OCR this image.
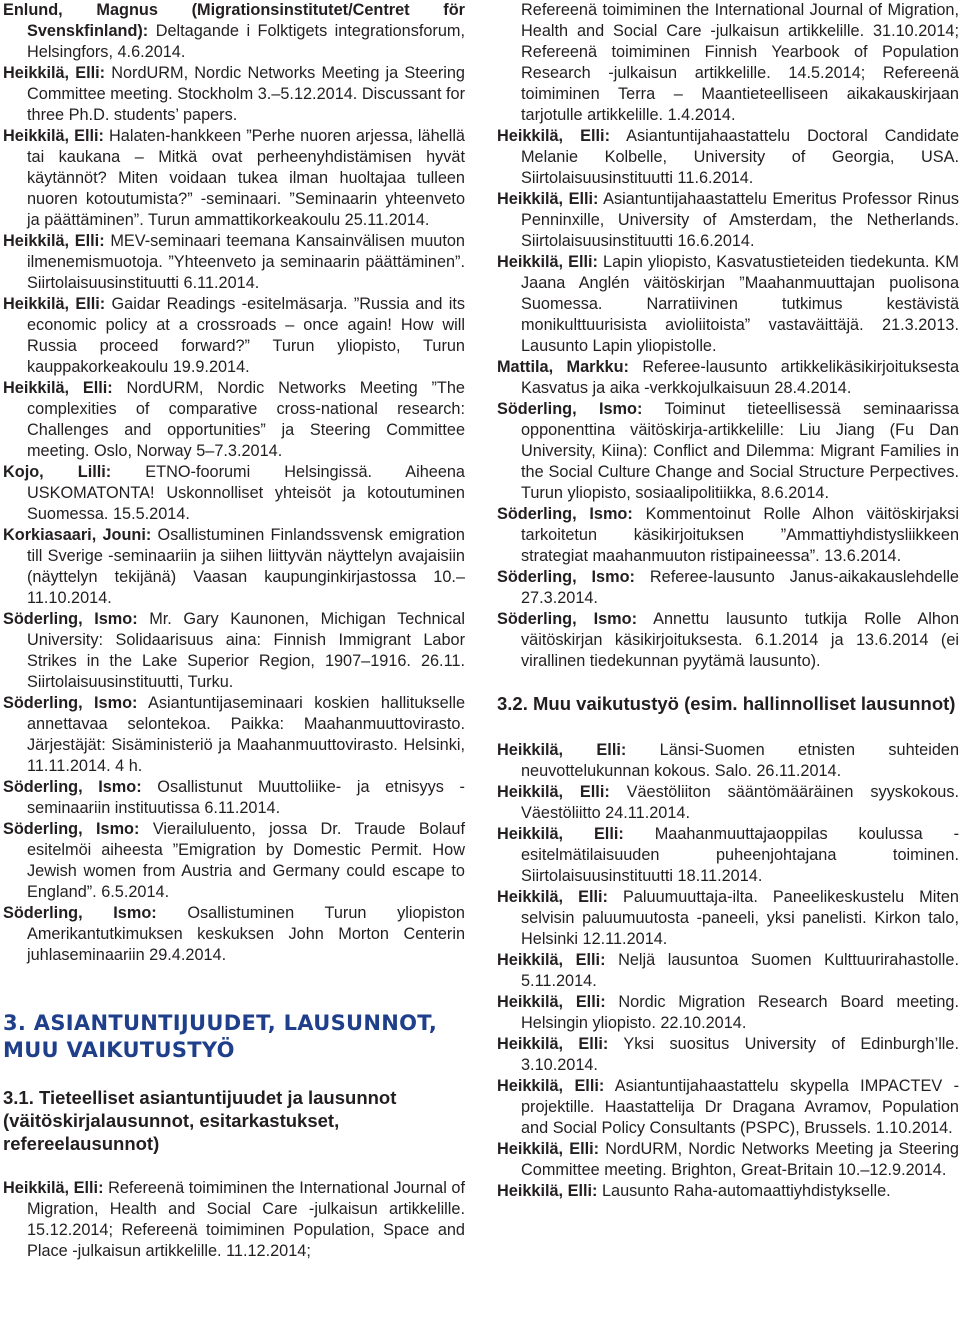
Enlund, Magnus (Migrationsinstitutet/Centret för Svenskfinland): Deltagande i Folktigets integrationsforum, Helsingfors, 4.6.2014.

Heikkilä, Elli: NordURM, Nordic Networks Meeting ja Steering Committee meeting. Stockholm 3.–5.12.2014. Discussant for three Ph.D. students’ papers.

Heikkilä, Elli: Halaten-hankkeen ”Perhe nuoren arjessa, lähellä tai kaukana – Mitkä ovat perheenyhdistämisen hyvät käytännöt? Miten voidaan tukea ilman huoltajaa tulleen nuoren kotoutumista?” -seminaari. ”Seminaarin yhteenveto ja päättäminen”. Turun ammattikorkeakoulu 25.11.2014.

Heikkilä, Elli: MEV-seminaari teemana Kansainvälisen muuton ilmenemismuotoja. ”Yhteenveto ja seminaarin päättäminen”. Siirtolaisuusinstituutti 6.11.2014.

Heikkilä, Elli: Gaidar Readings -esitelmäsarja. ”Russia and its economic policy at a crossroads – once again! How will Russia proceed forward?” Turun yliopisto, Turun kauppakorkeakoulu 19.9.2014.

Heikkilä, Elli: NordURM, Nordic Networks Meeting ”The complexities of comparative cross-national research: Challenges and opportunities” ja Steering Committee meeting. Oslo, Norway 5–7.3.2014.

Kojo, Lilli: ETNO-foorumi Helsingissä. Aiheena USKOMATONTA! Uskonnolliset yhteisöt ja kotoutuminen Suomessa. 15.5.2014.

Korkiasaari, Jouni: Osallistuminen Finlandssvensk emigration till Sverige -seminaariin ja siihen liittyvän näyttelyn avajaisiin (näyttelyn tekijänä) Vaasan kaupunginkirjastossa 10.–11.10.2014.

Söderling, Ismo: Mr. Gary Kaunonen, Michigan Technical University: Solidaarisuus aina: Finnish Immigrant Labor Strikes in the Lake Superior Region, 1907–1916. 26.11. Siirtolaisuusinstituutti, Turku.

Söderling, Ismo: Asiantuntijaseminaari koskien hallitukselle annettavaa selontekoa. Paikka: Maahanmuuttovirasto. Järjestäjät: Sisäministeriö ja Maahanmuuttovirasto. Helsinki, 11.11.2014. 4 h.

Söderling, Ismo: Osallistunut Muuttoliike- ja etnisyys -seminaariin instituutissa 6.11.2014.

Söderling, Ismo: Vierailuluento, jossa Dr. Traude Bolauf esitelmöi aiheesta ”Emigration by Domestic Permit. How Jewish women from Austria and Germany could escape to England”. 6.5.2014.

Söderling, Ismo: Osallistuminen Turun yliopiston Amerikantutkimuksen keskuksen John Morton Centerin juhlaseminaariin 29.4.2014.

3. ASIANTUNTIJUUDET, LAUSUNNOT, MUU VAIKUTUSTYÖ
3.1. Tieteelliset asiantuntijuudet ja lausunnot (väitöskirjalausunnot, esitarkastukset, refereelausunnot)

Heikkilä, Elli: Refereenä toimiminen the International Journal of Migration, Health and Social Care -julkaisun artikkelille. 15.12.2014; Refereenä toimiminen Population, Space and Place -julkaisun artikkelille. 11.12.2014;

Refereenä toimiminen the International Journal of Migration, Health and Social Care -julkaisun artikkelille. 31.10.2014; Refereenä toimiminen Finnish Yearbook of Population Research -julkaisun artikkelille. 14.5.2014; Refereenä toimiminen Terra – Maantieteelliseen aikakauskirjaan tarjotulle artikkelille. 1.4.2014.

Heikkilä, Elli: Asiantuntijahaastattelu Doctoral Candidate Melanie Kolbelle, University of Georgia, USA. Siirtolaisuusinstituutti 11.6.2014.

Heikkilä, Elli: Asiantuntijahaastattelu Emeritus Professor Rinus Penninxille, University of Amsterdam, the Netherlands. Siirtolaisuusinstituutti 16.6.2014.

Heikkilä, Elli: Lapin yliopisto, Kasvatustieteiden tiedekunta. KM Jaana Anglén väitöskirjan ”Maahanmuuttajan puolisona Suomessa. Narratiivinen tutkimus kestävistä monikulttuurisista avioliitoista” vastaväittäjä. 21.3.2013. Lausunto Lapin yliopistolle.

Mattila, Markku: Referee-lausunto artikkelikäsikirjoituksesta Kasvatus ja aika -verkkojulkaisuun 28.4.2014.

Söderling, Ismo: Toiminut tieteellisessä seminaarissa opponenttina väitöskirja-artikkelille: Liu Jiang (Fu Dan University, Kiina): Conflict and Dilemma: Migrant Families in the Social Culture Change and Social Structure Perpectives. Turun yliopisto, sosiaalipolitiikka, 8.6.2014.

Söderling, Ismo: Kommentoinut Rolle Alhon väitöskirjaksi tarkoitetun käsikirjoituksen ”Ammattiyhdistysliikkeen strategiat maahanmuuton ristipaineessa”. 13.6.2014.

Söderling, Ismo: Referee-lausunto Janus-aikakauslehdelle 27.3.2014.

Söderling, Ismo: Annettu lausunto tutkija Rolle Alhon väitöskirjan käsikirjoituksesta. 6.1.2014 ja 13.6.2014 (ei virallinen tiedekunnan pyytämä lausunto).

3.2. Muu vaikutustyö (esim. hallinnolliset lausunnot)

Heikkilä, Elli: Länsi-Suomen etnisten suhteiden neuvottelukunnan kokous. Salo. 26.11.2014.

Heikkilä, Elli: Väestöliiton sääntömääräinen syyskokous. Väestöliitto 24.11.2014.

Heikkilä, Elli: Maahanmuuttajaoppilas koulussa -esitelmätilaisuuden puheenjohtajana toiminen. Siirtolaisuusinstituutti 18.11.2014.

Heikkilä, Elli: Paluumuuttaja-ilta. Paneelikeskustelu Miten selvisin paluumuutosta -paneeli, yksi panelisti. Kirkon talo, Helsinki 12.11.2014.

Heikkilä, Elli: Neljä lausuntoa Suomen Kulttuurirahastolle. 5.11.2014.

Heikkilä, Elli: Nordic Migration Research Board meeting. Helsingin yliopisto. 22.10.2014.

Heikkilä, Elli: Yksi suositus University of Edinburgh’lle. 3.10.2014.

Heikkilä, Elli: Asiantuntijahaastattelu skypella IMPACTEV -projektille. Haastattelija Dr Dragana Avramov, Population and Social Policy Consultants (PSPC), Brussels. 1.10.2014.

Heikkilä, Elli: NordURM, Nordic Networks Meeting ja Steering Committee meeting. Brighton, Great-Britain 10.–12.9.2014.

Heikkilä, Elli: Lausunto Raha-automaattiyhdistykselle.
